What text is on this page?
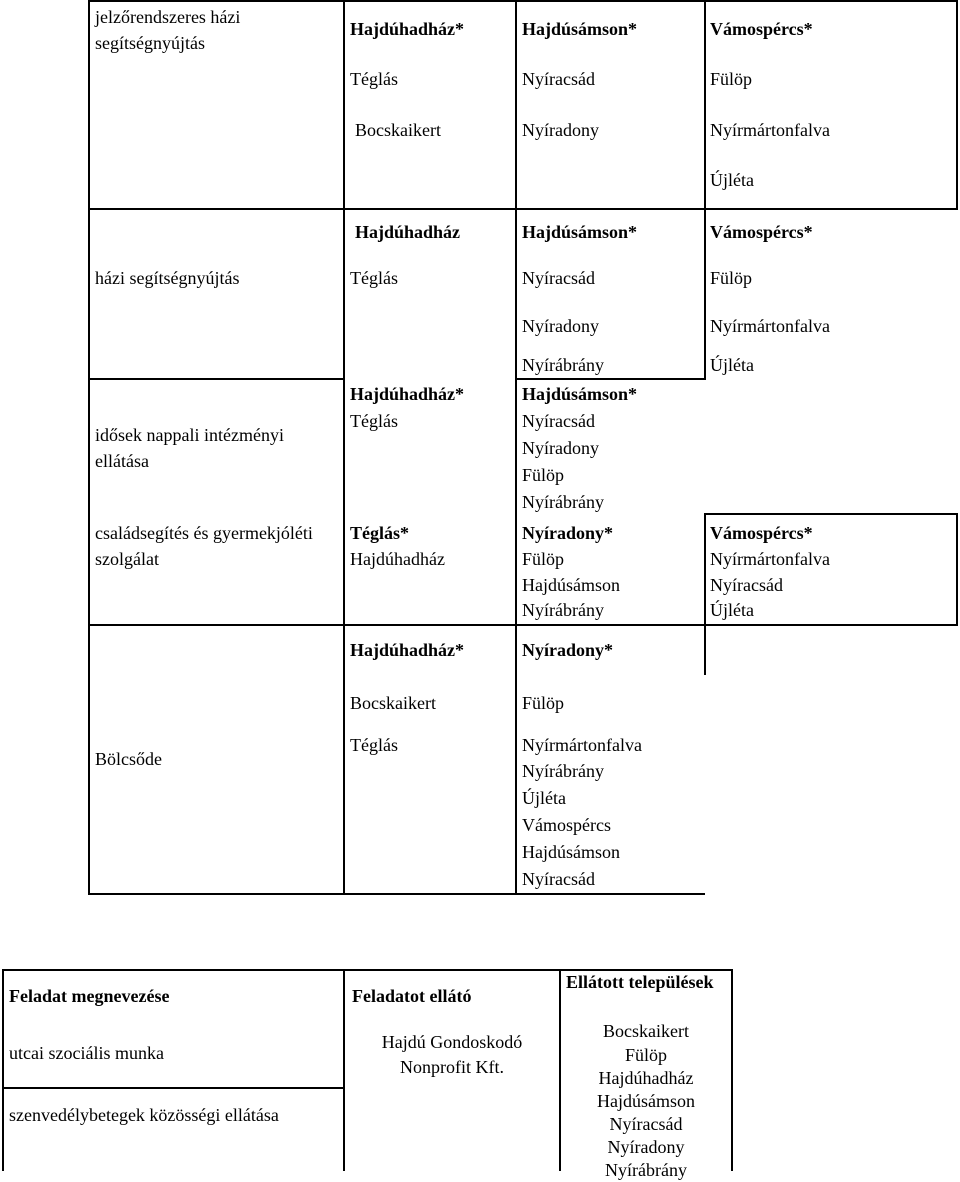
jelzőrendszeres házi segítségnyújtás
Hajdúhadház*
Téglás
Bocskaikert
Hajdúsámson*
Nyíracsád
Nyíradony
Vámospércs*
Fülöp
Nyírmártonfalva
Újléta
házi segítségnyújtás
Hajdúhadház
Téglás
Hajdúsámson*
Nyíracsád
Nyíradony
Nyírábrány
Vámospércs*
Fülöp
Nyírmártonfalva
Újléta
idősek nappali intézményi ellátása
Hajdúhadház*
Téglás
Hajdúsámson*
Nyíracsád
Nyíradony
Fülöp
Nyírábrány
családsegítés és gyermekjóléti szolgálat
Téglás*
Hajdúhadház
Nyíradony*
Fülöp
Hajdúsámson
Nyírábrány
Vámospércs*
Nyírmártonfalva
Nyíracsád
Újléta
Bölcsőde
Hajdúhadház*
Bocskaikert
Téglás
Nyíradony*
Fülöp
Nyírmártonfalva
Nyírábrány
Újléta
Vámospércs
Hajdúsámson
Nyíracsád
Feladat megnevezése	Feladatot ellátó
Ellátott települések
utcai szociális munka
szenvedélybetegek közösségi ellátása
Hajdú Gondoskodó Nonprofit Kft.
Bocskaikert
Fülöp
Hajdúhadház
Hajdúsámson
Nyíracsád
Nyíradony
Nyírábrány
